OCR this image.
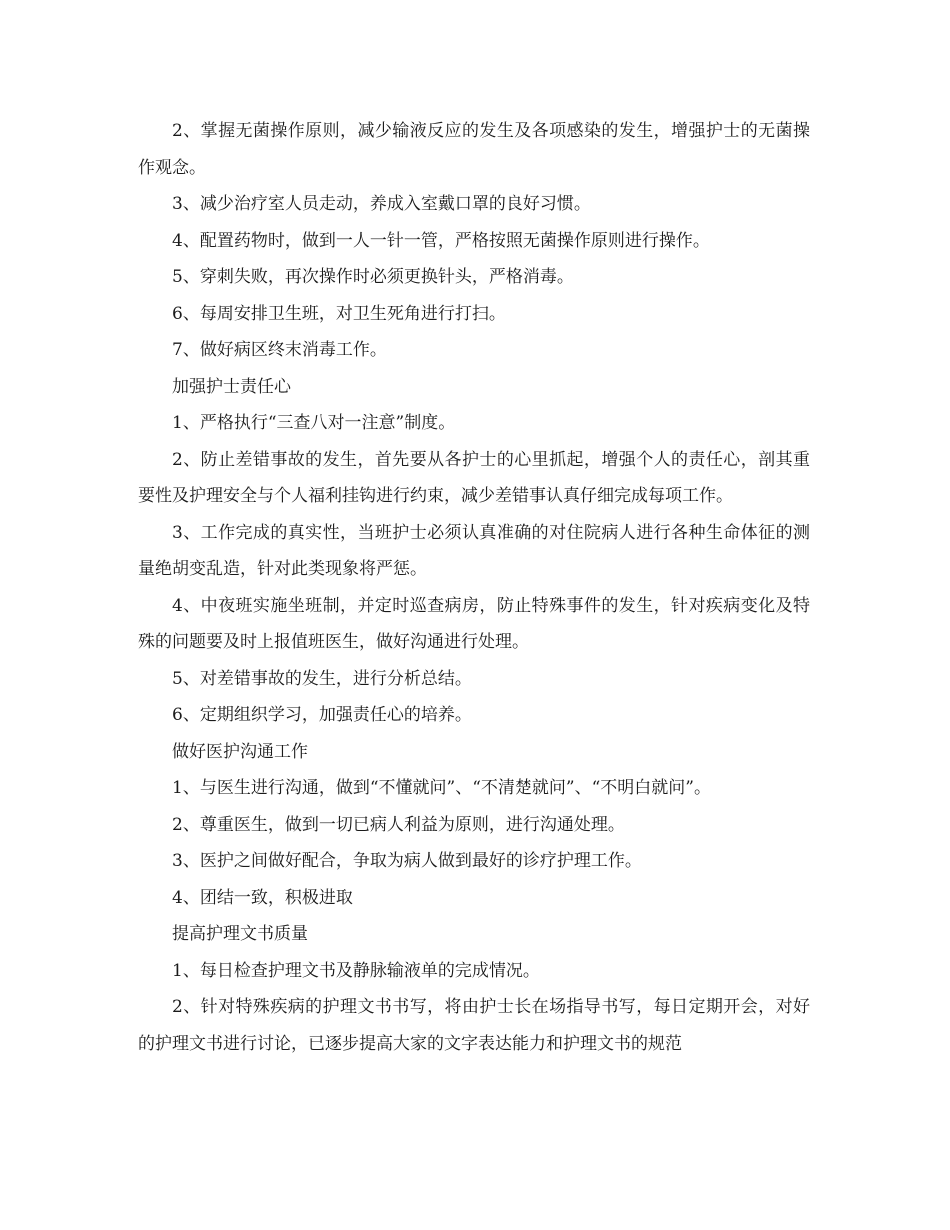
2、掌握无菌操作原则，减少输液反应的发生及各项感染的发生，增强护士的无菌操作观念。

3、减少治疗室人员走动，养成入室戴口罩的良好习惯。

4、配置药物时，做到一人一针一管，严格按照无菌操作原则进行操作。

5、穿刺失败，再次操作时必须更换针头，严格消毒。

6、每周安排卫生班，对卫生死角进行打扫。

7、做好病区终末消毒工作。

加强护士责任心

1、严格执行“三查八对一注意”制度。

2、防止差错事故的发生，首先要从各护士的心里抓起，增强个人的责任心，剖其重要性及护理安全与个人福利挂钩进行约束，减少差错事认真仔细完成每项工作。

3、工作完成的真实性，当班护士必须认真准确的对住院病人进行各种生命体征的测量绝胡变乱造，针对此类现象将严惩。

4、中夜班实施坐班制，并定时巡查病房，防止特殊事件的发生，针对疾病变化及特殊的问题要及时上报值班医生，做好沟通进行处理。

5、对差错事故的发生，进行分析总结。

6、定期组织学习，加强责任心的培养。

做好医护沟通工作

1、与医生进行沟通，做到“不懂就问”、“不清楚就问”、“不明白就问”。

2、尊重医生，做到一切已病人利益为原则，进行沟通处理。

3、医护之间做好配合，争取为病人做到最好的诊疗护理工作。

4、团结一致，积极进取

提高护理文书质量

1、每日检查护理文书及静脉输液单的完成情况。

2、针对特殊疾病的护理文书书写，将由护士长在场指导书写，每日定期开会，对好的护理文书进行讨论，已逐步提高大家的文字表达能力和护理文书的规范
